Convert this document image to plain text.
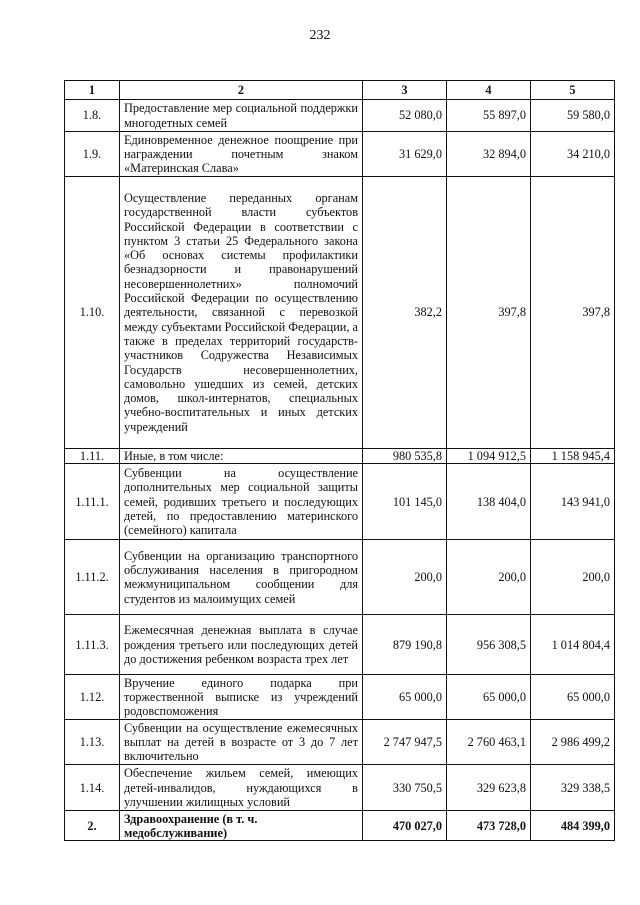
232
1	2	3	4	5
1.8.	Предоставление мер социальной поддержки многодетных семей	52 080,0	55 897,0	59 580,0
1.9.	Единовременное денежное поощрение при награждении почетным знаком «Материнская Слава»	31 629,0	32 894,0	34 210,0
1.10.	Осуществление переданных органам государственной власти субъектов Российской Федерации в соответствии с пунктом 3 статьи 25 Федерального закона «Об основах системы профилактики безнадзорности и правонарушений несовершеннолетних» полномочий Российской Федерации по осуществлению деятельности, связанной с перевозкой между субъектами Российской Федерации, а также в пределах территорий государств-участников Содружества Независимых Государств несовершеннолетних, самовольно ушедших из семей, детских домов, школ-интернатов, специальных учебно-воспитательных и иных детских учреждений	382,2	397,8	397,8
1.11.	Иные, в том числе:	980 535,8	1 094 912,5	1 158 945,4
1.11.1.	Субвенции на осуществление дополнительных мер социальной защиты семей, родивших третьего и последующих детей, по предоставлению материнского (семейного) капитала	101 145,0	138 404,0	143 941,0
1.11.2.	Субвенции на организацию транспортного обслуживания населения в пригородном межмуниципальном сообщении для студентов из малоимущих семей	200,0	200,0	200,0
1.11.3.	Ежемесячная денежная выплата в случае рождения третьего или последующих детей до достижения ребенком возраста трех лет	879 190,8	956 308,5	1 014 804,4
1.12.	Вручение единого подарка при торжественной выписке из учреждений родовспоможения	65 000,0	65 000,0	65 000,0
1.13.	Субвенции на осуществление ежемесячных выплат на детей в возрасте от 3 до 7 лет включительно	2 747 947,5	2 760 463,1	2 986 499,2
1.14.	Обеспечение жильем семей, имеющих детей-инвалидов, нуждающихся в улучшении жилищных условий	330 750,5	329 623,8	329 338,5
2.	Здравоохранение (в т. ч. медобслуживание)	470 027,0	473 728,0	484 399,0
